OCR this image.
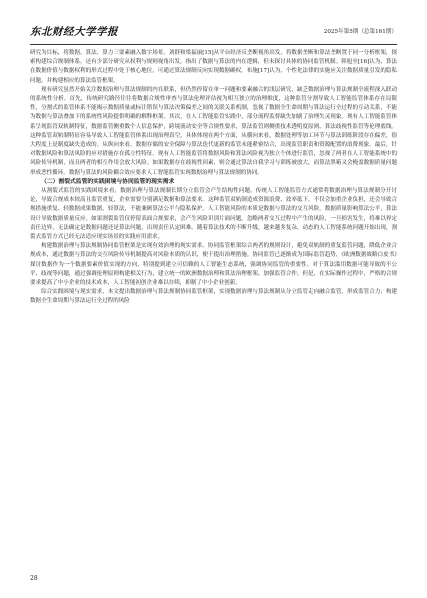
东北财经大学学报	2025年第5期（总第161期）

研究为目标，将数据、算法、算力三要素融入数字场景。刘群和梁福丽[15]从平台经济反垄断视角出发，将数据垄断和算法垄断置于同一分析框架，探索构建综合规制体系。还有少部分研究从权利与规则视角出发，指出了数据与算法的内在逻辑，但未探讨具体的协同监管机制。韩旭至[16]认为，算法在数据价值与数据权利的形式过程中处于核心地位，可通过算法规制反向实现数据确权。布施[17]认为，个性化法律的实施应关注数据质量引发的隐私问题，并构建相应的算法监管框架。

现有研究虽然开始关注数据治理与算法规制的内在联系，但仍然停留在单一问题和要素融合的浅层研究，缺乏数据治理与算法规制全流程深入联动的系统性分析。首先，传统研究路径往往将数据合规性审查与算法伦理评估视为相互独立的治理维度，这种监管分割导致人工智能监管体系存在局限性，分割式的监管体系不能揭示数据质量或标注错误与算法决策偏差之间的关联关系机制，忽视了数据全生命周期与算法运行全过程的互动关系，不能为数据与算法叠加下的系统性风险提供明确的解释框架。其次，在人工智能监管实践中，部分流程监督缺失加剧了治理失灵现象。现有人工智能监管体系呈现监管双轨制特征，数据监管侧重数个人信息保护，跨境流动安全等合规性要求，算法监管则侧重技术透明度原则、算法歧视性监管等伦理底线。这种监管双轨制特征容易导致人工智能监管体系出现治理真空，具体体现在两个方面，从横向来看，数据处理等加工环节与算法训练阶段存在偏差，很大程度上是制度缺失造成的。从纵向来看，数据存储的安全保障与算法迭代更新的监管未能紧密结合，出现监管职责和资源配置的浪费现象。最后，针对数据风险和算法风险的应对措施存在孤立性特征。现有人工智能监管将数据风险和算法风险视为独立个体进行监管，忽视了两者在人工智能系统中的风险传导机制，而且两者的相互作用会放大风险。如果数据存在歧视性因素，则会通过算法自我学习与训练被放大，而算法黑箱又会掩盖数据质量问题形成恶性循环。数据与算法的风险耦合效应要求人工智能监管实现数据治理与算法规制的协同。

（二）割裂式监管的实践困境与协同监管的现实需求

从割裂式监管的实践困境来看，数据治理与算法规制长期分立监管会产生结构性问题。传统人工智能监管方式通常将数据治理与算法规制分开讨论，导致合规成本较高且监管重复，企业需要分别满足数据和算法要求。这种监管双轨制造成资源浪费、效率低下，不仅会加重企业负担，还会导致合规措施重复、轻数据成果数据、轻算法，不能兼顾算法公平与隐私保护。人工智能风险的本质是数据与算法的交互风险，数据质量影响算法公平，算法设计导致数据质量反应。如果割裂监管仅停留表面合规要求，会产生风险识别片面问题，忽略两者交互过程中产生的风险，一旦损害发生，将难以界定责任边界，无法确定是数据问题还是算法问题，出现责任认定困难。随着算法技术的不断升级，越来越多复杂、动态的人工智能系统问题开始出现，割裂式监管方式已经无法适应现实场景的实践应用需求。

构建数据治理与算法规制协同监管框架是实现有效治理的现实需求。协同监管框架综合两者的规则设计，避免双轨制的重复监管问题，降低企业合规成本，通过数据与算法的交互风险传导机制提高对风险本质的认识，便于提出治理措施。协同监管已逐渐成为国际监管趋势，《欧洲数据战略白皮书》探讨数据作为一个数据要素价值实现的方向，特别提到建立可信赖的人工智能生态系统，强调协同监管的重要性。对于算法滥用数据可能导致的不公平、歧视等问题，通过强调伦理原则构建相关行为，建立统一的欧洲数据治理和算法治理框架，加强监管合作。但是，在实际操作过程中，严格的合规要求提高了中小企业的技术成本，人工智能初创企业难以存续，抑制了中小企业创新。

综合实践困境与现实需求，本文提出数据治理与算法规制协同监管框架，实现数据治理与算法规制从分立监管走向融合监管，形成监管合力；构建数据全生命周期与算法运行全过程的风险

28
